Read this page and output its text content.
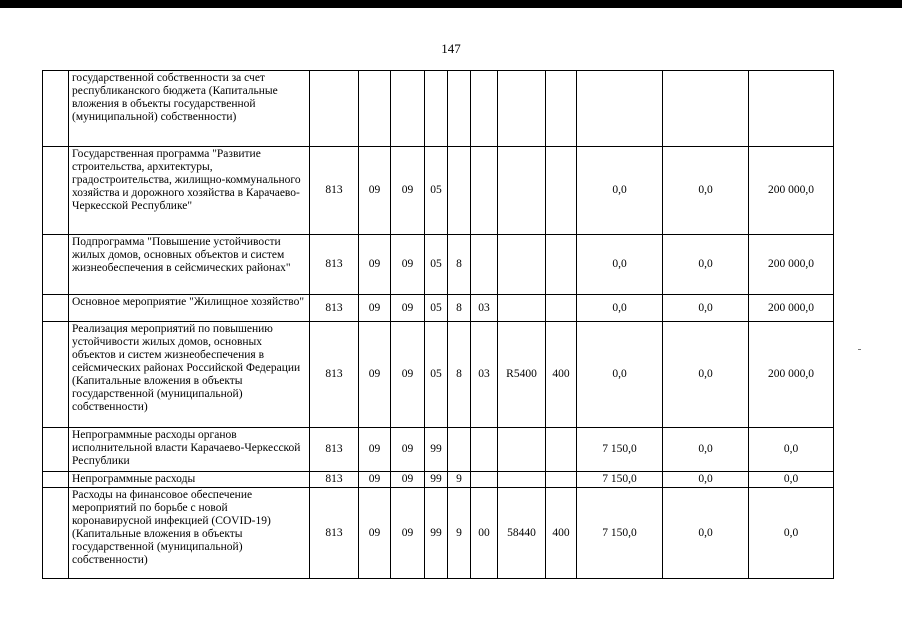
147
	государственной собственности за счет республиканского бюджета (Капитальные вложения в объекты государственной (муниципальной) собственности)											
	Государственная программа "Развитие строительства, архитектуры, градостроительства, жилищно-коммунального хозяйства и дорожного хозяйства в Карачаево-Черкесской Республике"	813	09	09	05					0,0	0,0	200 000,0
	Подпрограмма "Повышение устойчивости жилых домов, основных объектов и систем жизнеобеспечения в сейсмических районах"	813	09	09	05	8				0,0	0,0	200 000,0
	Основное мероприятие "Жилищное хозяйство"	813	09	09	05	8	03			0,0	0,0	200 000,0
	Реализация мероприятий по повышению устойчивости жилых домов, основных объектов и систем жизнеобеспечения в сейсмических районах Российской Федерации (Капитальные вложения в объекты государственной (муниципальной) собственности)	813	09	09	05	8	03	R5400	400	0,0	0,0	200 000,0
	Непрограммные расходы органов исполнительной власти Карачаево-Черкесской Республики	813	09	09	99					7 150,0	0,0	0,0
	Непрограммные расходы	813	09	09	99	9				7 150,0	0,0	0,0
	Расходы на финансовое обеспечение мероприятий по борьбе с новой коронавирусной инфекцией (COVID-19) (Капитальные вложения в объекты государственной (муниципальной) собственности)	813	09	09	99	9	00	58440	400	7 150,0	0,0	0,0
